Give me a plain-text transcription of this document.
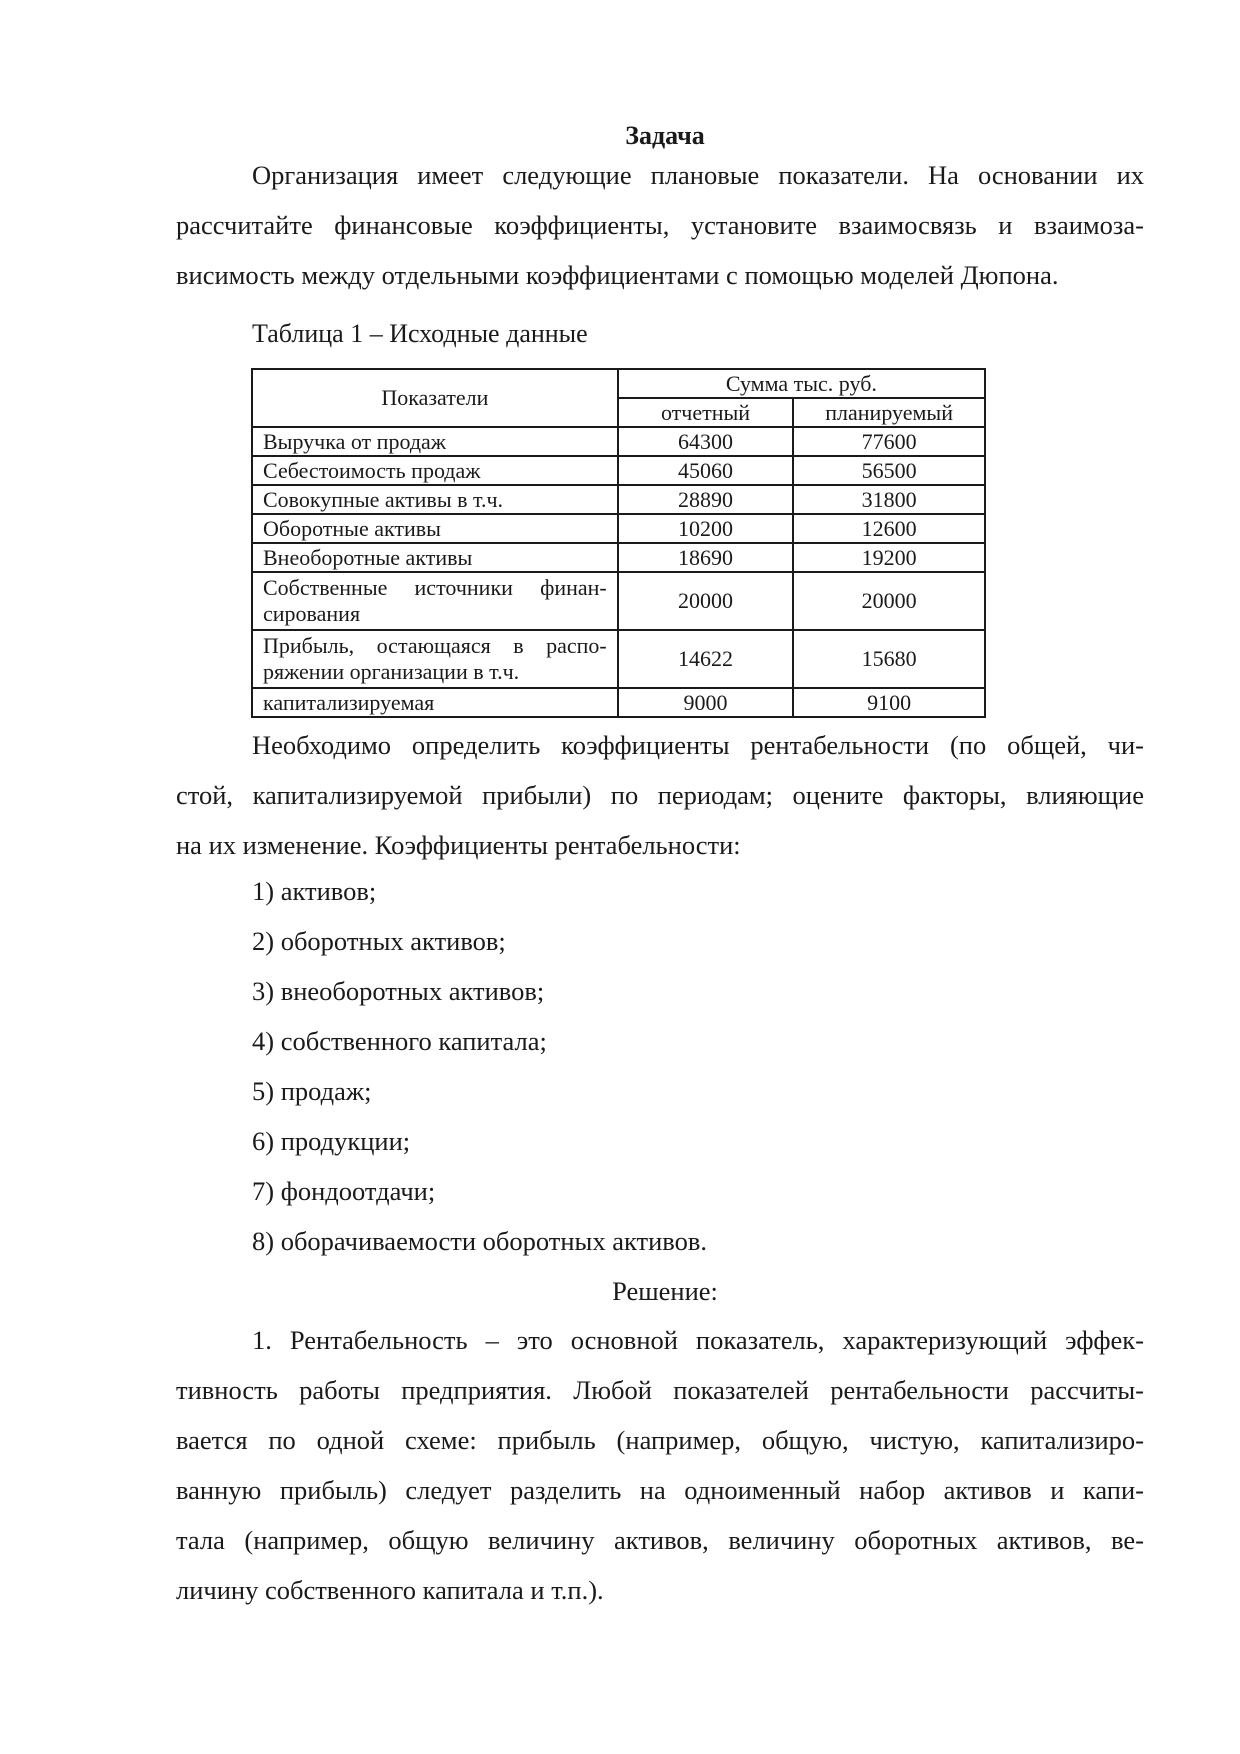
Задача

Организация имеет следующие плановые показатели. На основании их
рассчитайте финансовые коэффициенты, установите взаимосвязь и взаимоза-
висимость между отдельными коэффициентами с помощью моделей Дюпона.

Таблица 1 – Исходные данные

Показатели	Сумма тыс. руб.	
	отчетный	планируемый
Выручка от продаж	64300	77600
Себестоимость продаж	45060	56500
Совокупные активы в т.ч.	28890	31800
Оборотные активы	10200	12600
Внеоборотные активы	18690	19200
Собственные источники финан-сирования	20000	20000
Прибыль, остающаяся в распо-ряжении организации в т.ч.	14622	15680
капитализируемая	9000	9100
Необходимо определить коэффициенты рентабельности (по общей, чи-
стой, капитализируемой прибыли) по периодам; оцените факторы, влияющие
на их изменение. Коэффициенты рентабельности:

1) активов;

2) оборотных активов;

3) внеоборотных активов;

4) собственного капитала;

5) продаж;

6) продукции;

7) фондоотдачи;

8) оборачиваемости оборотных активов.

Решение:

1. Рентабельность – это основной показатель, характеризующий эффек-
тивность работы предприятия. Любой показателей рентабельности рассчиты-
вается по одной схеме: прибыль (например, общую, чистую, капитализиро-
ванную прибыль) следует разделить на одноименный набор активов и капи-
тала (например, общую величину активов, величину оборотных активов, ве-
личину собственного капитала и т.п.).
